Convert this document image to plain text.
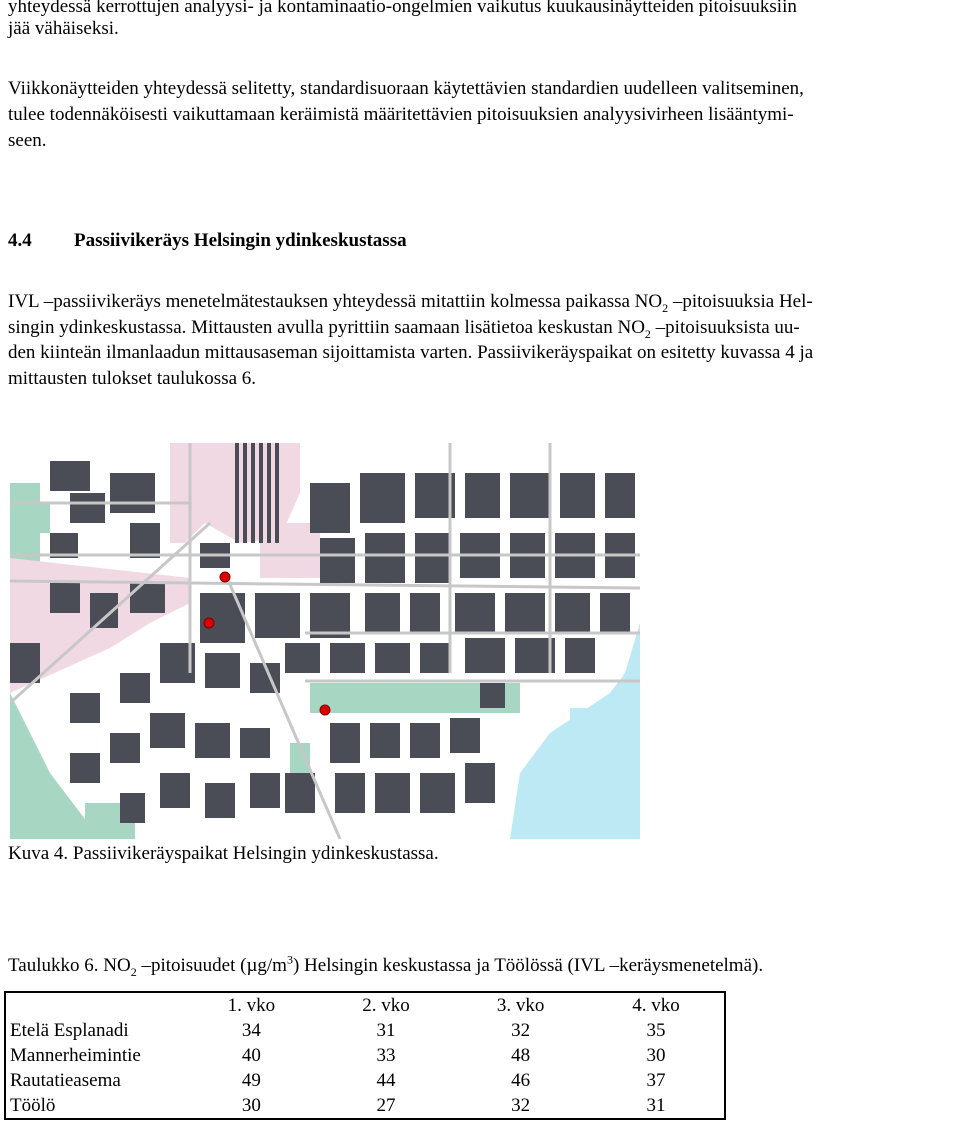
yhteydessä kerrottujen analyysi- ja kontaminaatio-ongelmien vaikutus kuukausinäytteiden pitoisuuksiin
jää vähäiseksi.
Viikkonäytteiden yhteydessä selitetty, standardisuoraan käytettävien standardien uudelleen valitseminen,
tulee todennäköisesti vaikuttamaan keräimistä määritettävien pitoisuuksien analyysivirheen lisääntymi-
seen.
4.4 Passiivikeräys Helsingin ydinkeskustassa
IVL –passiivikeräys menetelmätestauksen yhteydessä mitattiin kolmessa paikassa $NO_2$ –pitoisuuksia Hel-
singin ydinkeskustassa. Mittausten avulla pyrittiin saamaan lisätietoa keskustan $NO_2$ –pitoisuuksista uu-
den kiinteän ilmanlaadun mittausaseman sijoittamista varten. Passiivikeräyspaikat on esitetty kuvassa 4 ja
mittausten tulokset taulukossa 6.
Kuva 4. Passiivikeräyspaikat Helsingin ydinkeskustassa.
Taulukko 6. $NO_2$ –pitoisuudet $(\mu g/m^3)$ Helsingin keskustassa ja Töölössä (IVL –keräysmenetelmä).
	1. vko	2. vko	3. vko	4. vko
Etelä Esplanadi	34	31	32	35
Mannerheimintie	40	33	48	30
Rautatieasema	49	44	46	37
Töölö	30	27	32	31
